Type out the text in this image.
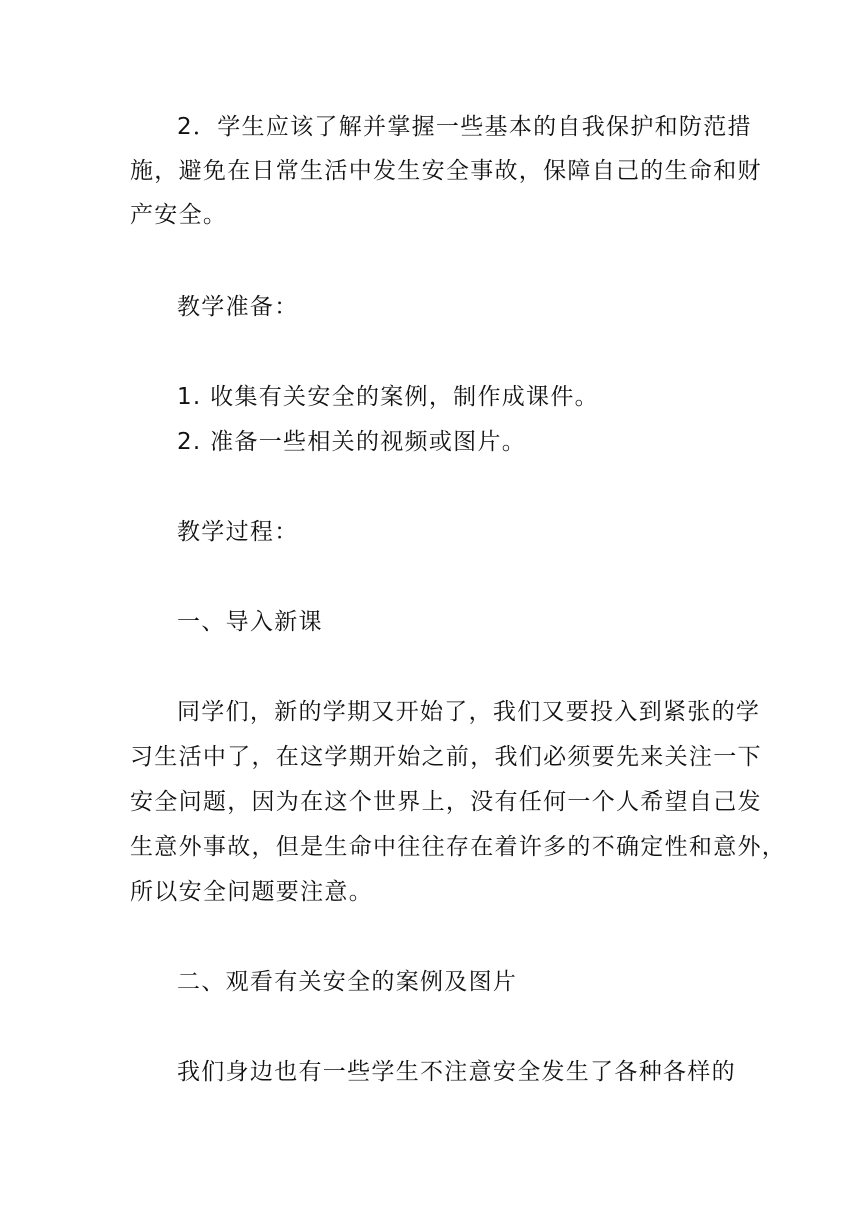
2．学生应该了解并掌握一些基本的自我保护和防范措
施，避免在日常生活中发生安全事故，保障自己的生命和财
产安全。
教学准备：
1. 收集有关安全的案例，制作成课件。
2. 准备一些相关的视频或图片。
教学过程：
一、导入新课
同学们，新的学期又开始了，我们又要投入到紧张的学
习生活中了，在这学期开始之前，我们必须要先来关注一下
安全问题，因为在这个世界上，没有任何一个人希望自己发
生意外事故，但是生命中往往存在着许多的不确定性和意外，
所以安全问题要注意。
二、观看有关安全的案例及图片
我们身边也有一些学生不注意安全发生了各种各样的
